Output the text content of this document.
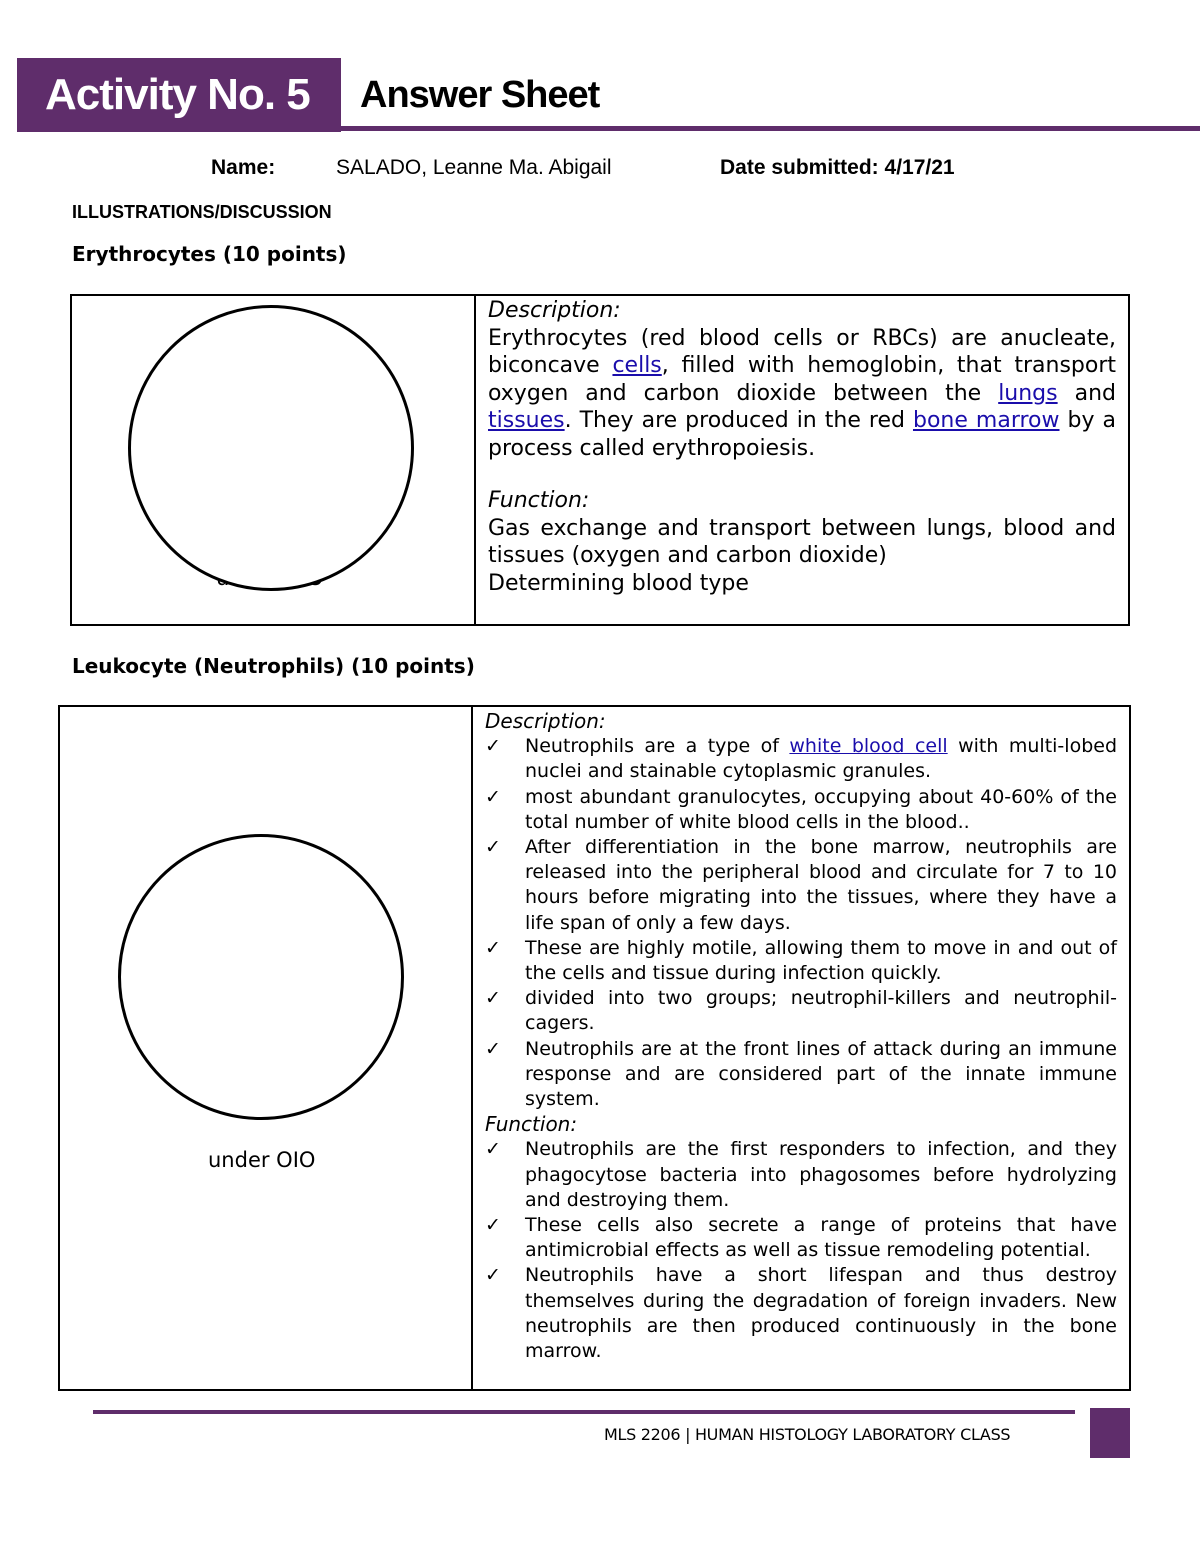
Activity No. 5	Answer Sheet
Name:	SALADO, Leanne Ma. Abigail	Date submitted: 4/17/21
ILLUSTRATIONS/DISCUSSION
Erythrocytes (10 points)
Description:
Erythrocytes (red blood cells or RBCs) are anucleate, biconcave cells, filled with hemoglobin, that transport oxygen and carbon dioxide between the lungs and tissues. They are produced in the red bone marrow by a process called erythropoiesis.
Function:
Gas exchange and transport between lungs, blood and tissues (oxygen and carbon dioxide)
Determining blood type
Leukocyte (Neutrophils) (10 points)
under OIO
Description:
✓ Neutrophils are a type of white blood cell with multi-lobed nuclei and stainable cytoplasmic granules.
✓ most abundant granulocytes, occupying about 40-60% of the total number of white blood cells in the blood..
✓ After differentiation in the bone marrow, neutrophils are released into the peripheral blood and circulate for 7 to 10 hours before migrating into the tissues, where they have a life span of only a few days.
✓ These are highly motile, allowing them to move in and out of the cells and tissue during infection quickly.
✓ divided into two groups; neutrophil-killers and neutrophil-cagers.
✓ Neutrophils are at the front lines of attack during an immune response and are considered part of the innate immune system.
Function:
✓ Neutrophils are the first responders to infection, and they phagocytose bacteria into phagosomes before hydrolyzing and destroying them.
✓ These cells also secrete a range of proteins that have antimicrobial effects as well as tissue remodeling potential.
✓ Neutrophils have a short lifespan and thus destroy themselves during the degradation of foreign invaders. New neutrophils are then produced continuously in the bone marrow.
MLS 2206 | HUMAN HISTOLOGY LABORATORY CLASS
